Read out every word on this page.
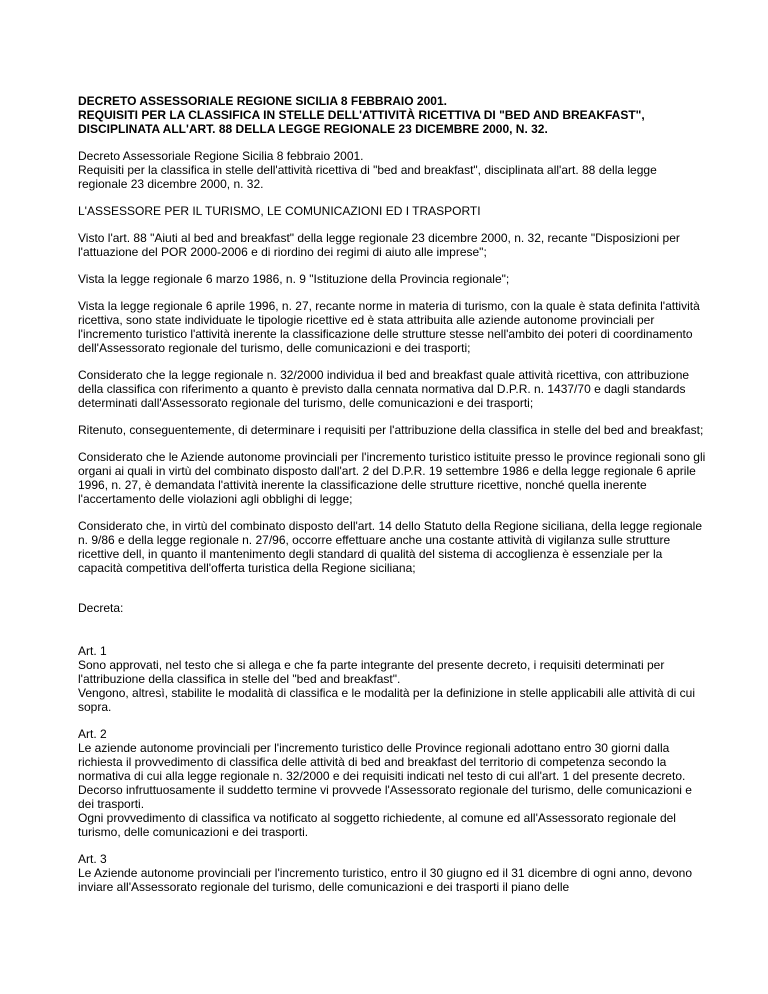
DECRETO ASSESSORIALE REGIONE SICILIA 8 FEBBRAIO 2001.
REQUISITI PER LA CLASSIFICA IN STELLE DELL'ATTIVITÀ RICETTIVA DI "BED AND BREAKFAST", DISCIPLINATA ALL'ART. 88 DELLA LEGGE REGIONALE 23 DICEMBRE 2000, N. 32.

Decreto Assessoriale Regione Sicilia 8 febbraio 2001.
Requisiti per la classifica in stelle dell'attività ricettiva di "bed and breakfast", disciplinata all'art. 88 della legge regionale 23 dicembre 2000, n. 32.

L'ASSESSORE PER IL TURISMO, LE COMUNICAZIONI ED I TRASPORTI

Visto l'art. 88 "Aiuti al bed and breakfast" della legge regionale 23 dicembre 2000, n. 32, recante "Disposizioni per l'attuazione del POR 2000-2006 e di riordino dei regimi di aiuto alle imprese";

Vista la legge regionale 6 marzo 1986, n. 9 "Istituzione della Provincia regionale";

Vista la legge regionale 6 aprile 1996, n. 27, recante norme in materia di turismo, con la quale è stata definita l'attività ricettiva, sono state individuate le tipologie ricettive ed è stata attribuita alle aziende autonome provinciali per l'incremento turistico l'attività inerente la classificazione delle strutture stesse nell'ambito dei poteri di coordinamento dell'Assessorato regionale del turismo, delle comunicazioni e dei trasporti;

Considerato che la legge regionale n. 32/2000 individua il bed and breakfast quale attività ricettiva, con attribuzione della classifica con riferimento a quanto è previsto dalla cennata normativa dal D.P.R. n. 1437/70 e dagli standards determinati dall'Assessorato regionale del turismo, delle comunicazioni e dei trasporti;

Ritenuto, conseguentemente, di determinare i requisiti per l'attribuzione della classifica in stelle del bed and breakfast;

Considerato che le Aziende autonome provinciali per l'incremento turistico istituite presso le province regionali sono gli organi ai quali in virtù del combinato disposto dall'art. 2 del D.P.R. 19 settembre 1986 e della legge regionale 6 aprile 1996, n. 27, è demandata l'attività inerente la classificazione delle strutture ricettive, nonché quella inerente l'accertamento delle violazioni agli obblighi di legge;

Considerato che, in virtù del combinato disposto dell'art. 14 dello Statuto della Regione siciliana, della legge regionale n. 9/86 e della legge regionale n. 27/96, occorre effettuare anche una costante attività di vigilanza sulle strutture ricettive dell, in quanto il mantenimento degli standard di qualità del sistema di accoglienza è essenziale per la capacità competitiva dell'offerta turistica della Regione siciliana;

Decreta:

Art. 1
Sono approvati, nel testo che si allega e che fa parte integrante del presente decreto, i requisiti determinati per l'attribuzione della classifica in stelle del "bed and breakfast".
Vengono, altresì, stabilite le modalità di classifica e le modalità per la definizione in stelle applicabili alle attività di cui sopra.
Art. 2
Le aziende autonome provinciali per l'incremento turistico delle Province regionali adottano entro 30 giorni dalla richiesta il provvedimento di classifica delle attività di bed and breakfast del territorio di competenza secondo la normativa di cui alla legge regionale n. 32/2000 e dei requisiti indicati nel testo di cui all'art. 1 del presente decreto.
Decorso infruttuosamente il suddetto termine vi provvede l'Assessorato regionale del turismo, delle comunicazioni e dei trasporti.
Ogni provvedimento di classifica va notificato al soggetto richiedente, al comune ed all'Assessorato regionale del turismo, delle comunicazioni e dei trasporti.
Art. 3
Le Aziende autonome provinciali per l'incremento turistico, entro il 30 giugno ed il 31 dicembre di ogni anno, devono inviare all'Assessorato regionale del turismo, delle comunicazioni e dei trasporti il piano delle
